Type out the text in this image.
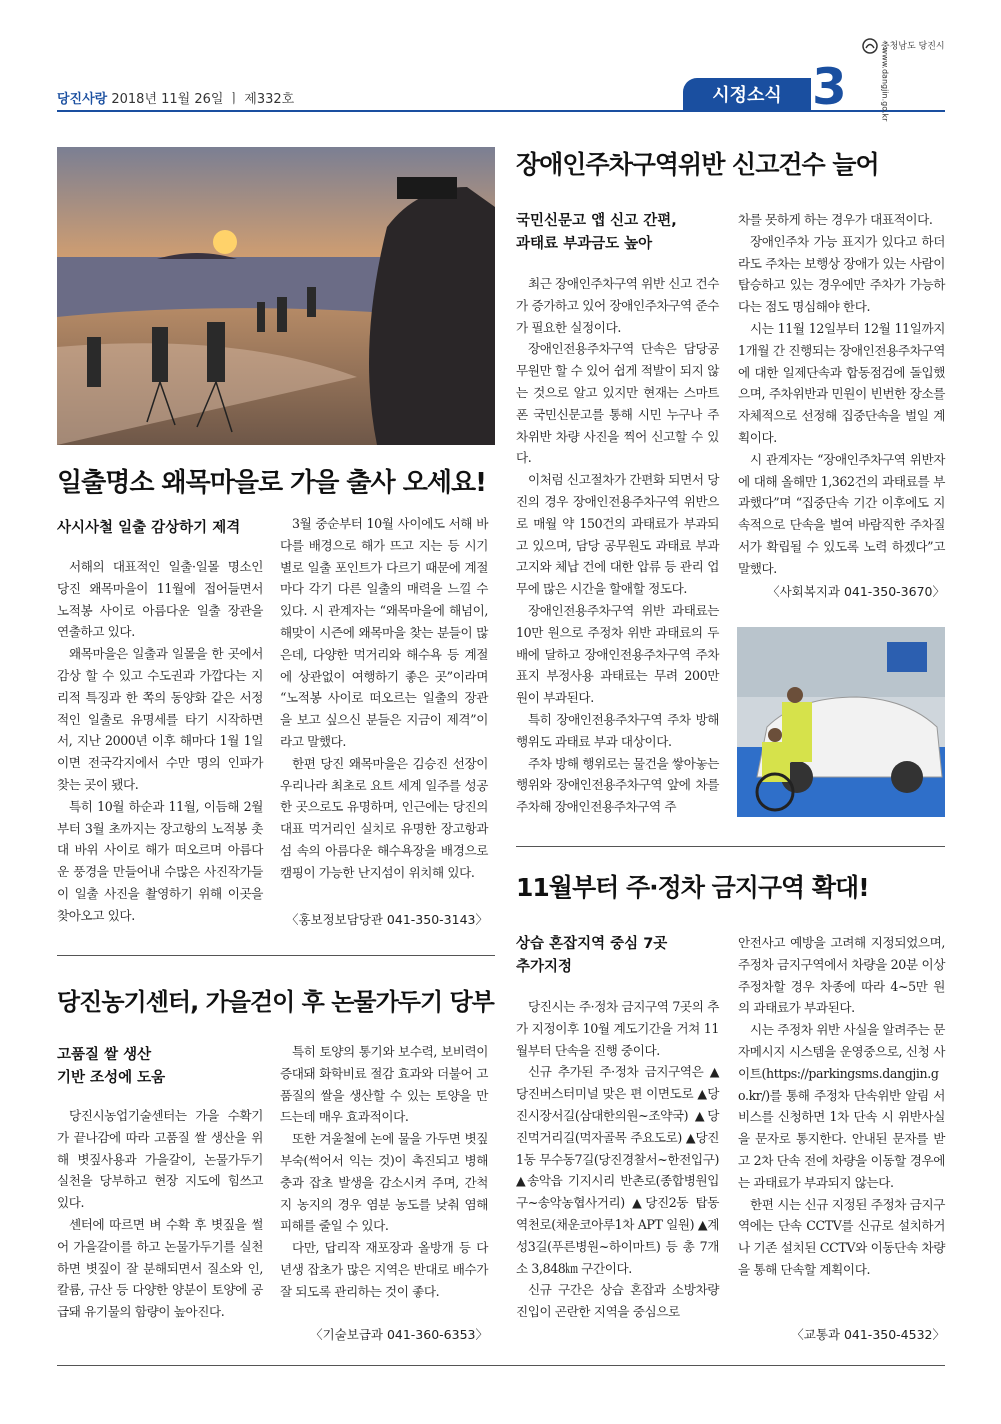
당진사랑 2018년 11월 26일 ㅣ 제332호	시정소식 3
충청남도 당진시
www.dangjin.go.kr
일출명소 왜목마을로 가을 출사 오세요!
사시사철 일출 감상하기 제격

서해의 대표적인 일출·일몰 명소인 당진 왜목마을이 11월에 접어들면서 노적봉 사이로 아름다운 일출 장관을 연출하고 있다.

왜목마을은 일출과 일몰을 한 곳에서 감상 할 수 있고 수도권과 가깝다는 지리적 특징과 한 쪽의 동양화 같은 서정적인 일출로 유명세를 타기 시작하면서, 지난 2000년 이후 해마다 1월 1일이면 전국각지에서 수만 명의 인파가 찾는 곳이 됐다.

특히 10월 하순과 11월, 이듬해 2월부터 3월 초까지는 장고항의 노적봉 촛대 바위 사이로 해가 떠오르며 아름다운 풍경을 만들어내 수많은 사진작가들이 일출 사진을 촬영하기 위해 이곳을 찾아오고 있다.

3월 중순부터 10월 사이에도 서해 바다를 배경으로 해가 뜨고 지는 등 시기별로 일출 포인트가 다르기 때문에 계절마다 각기 다른 일출의 매력을 느낄 수 있다. 시 관계자는 “왜목마을에 해넘이, 해맞이 시즌에 왜목마을 찾는 분들이 많은데, 다양한 먹거리와 해수욕 등 계절에 상관없이 여행하기 좋은 곳”이라며 “노적봉 사이로 떠오르는 일출의 장관을 보고 싶으신 분들은 지금이 제격”이라고 말했다.

한편 당진 왜목마을은 김승진 선장이 우리나라 최초로 요트 세계 일주를 성공한 곳으로도 유명하며, 인근에는 당진의 대표 먹거리인 실치로 유명한 장고항과 섬 속의 아름다운 해수욕장을 배경으로 캠핑이 가능한 난지섬이 위치해 있다.

〈홍보정보담당관 041-350-3143〉
당진농기센터, 가을걷이 후 논물가두기 당부
고품질 쌀 생산
기반 조성에 도움

당진시농업기술센터는 가을 수확기가 끝나감에 따라 고품질 쌀 생산을 위해 볏짚사용과 가을갈이, 논물가두기 실천을 당부하고 현장 지도에 힘쓰고 있다.

센터에 따르면 벼 수확 후 볏짚을 썰어 가을갈이를 하고 논물가두기를 실천하면 볏짚이 잘 분해되면서 질소와 인, 칼륨, 규산 등 다양한 양분이 토양에 공급돼 유기물의 함량이 높아진다.

특히 토양의 통기와 보수력, 보비력이 증대돼 화학비료 절감 효과와 더불어 고품질의 쌀을 생산할 수 있는 토양을 만드는데 매우 효과적이다.

또한 겨울철에 논에 물을 가두면 볏짚 부숙(썩어서 익는 것)이 촉진되고 병해충과 잡초 발생을 감소시켜 주며, 간척지 농지의 경우 염분 농도를 낮춰 염해 피해를 줄일 수 있다.

다만, 답리작 재포장과 올방개 등 다년생 잡초가 많은 지역은 반대로 배수가 잘 되도록 관리하는 것이 좋다.

〈기술보급과 041-360-6353〉
장애인주차구역위반 신고건수 늘어
국민신문고 앱 신고 간편,
과태료 부과금도 높아

최근 장애인주차구역 위반 신고 건수가 증가하고 있어 장애인주차구역 준수가 필요한 실정이다.

장애인전용주차구역 단속은 담당공무원만 할 수 있어 쉽게 적발이 되지 않는 것으로 알고 있지만 현재는 스마트폰 국민신문고를 통해 시민 누구나 주차위반 차량 사진을 찍어 신고할 수 있다.

이처럼 신고절차가 간편화 되면서 당진의 경우 장애인전용주차구역 위반으로 매월 약 150건의 과태료가 부과되고 있으며, 담당 공무원도 과태료 부과고지와 체납 건에 대한 압류 등 관리 업무에 많은 시간을 할애할 정도다.

장애인전용주차구역 위반 과태료는 10만 원으로 주정차 위반 과태료의 두 배에 달하고 장애인전용주차구역 주차표지 부정사용 과태료는 무려 200만 원이 부과된다.

특히 장애인전용주차구역 주차 방해 행위도 과태료 부과 대상이다.

주차 방해 행위로는 물건을 쌓아놓는 행위와 장애인전용주차구역 앞에 차를 주차해 장애인전용주차구역 주

차를 못하게 하는 경우가 대표적이다.

장애인주차 가능 표지가 있다고 하더라도 주차는 보행상 장애가 있는 사람이 탑승하고 있는 경우에만 주차가 가능하다는 점도 명심해야 한다.

시는 11월 12일부터 12월 11일까지 1개월 간 진행되는 장애인전용주차구역에 대한 일제단속과 합동점검에 돌입했으며, 주차위반과 민원이 빈번한 장소를 자체적으로 선정해 집중단속을 벌일 계획이다.

시 관계자는 “장애인주차구역 위반자에 대해 올해만 1,362건의 과태료를 부과했다”며 “집중단속 기간 이후에도 지속적으로 단속을 벌여 바람직한 주차질서가 확립될 수 있도록 노력 하겠다”고 말했다.

〈사회복지과 041-350-3670〉
11월부터 주·정차 금지구역 확대!
상습 혼잡지역 중심 7곳
추가지정

당진시는 주·정차 금지구역 7곳의 추가 지정이후 10월 계도기간을 거쳐 11월부터 단속을 진행 중이다.

신규 추가된 주·정차 금지구역은 ▲당진버스터미널 맞은 편 이면도로 ▲당진시장서길(삼대한의원~조약국) ▲당진먹거리길(먹자골목 주요도로) ▲당진1동 무수동7길(당진경찰서~한전입구) ▲송악읍 기지시리 반촌로(종합병원입구~송악농협사거리) ▲당진2동 탑동 역천로(채운코아루1차 APT 일원) ▲계성3길(푸른병원~하이마트) 등 총 7개소 3,848㎞ 구간이다.

신규 구간은 상습 혼잡과 소방차량 진입이 곤란한 지역을 중심으로

안전사고 예방을 고려해 지정되었으며, 주정차 금지구역에서 차량을 20분 이상 주정차할 경우 차종에 따라 4~5만 원의 과태료가 부과된다.

시는 주정차 위반 사실을 알려주는 문자메시지 시스템을 운영중으로, 신청 사이트(https://parkingsms.dangjin.go.kr/)를 통해 주정차 단속위반 알림 서비스를 신청하면 1차 단속 시 위반사실을 문자로 통지한다. 안내된 문자를 받고 2차 단속 전에 차량을 이동할 경우에는 과태료가 부과되지 않는다.

한편 시는 신규 지정된 주정차 금지구역에는 단속 CCTV를 신규로 설치하거나 기존 설치된 CCTV와 이동단속 차량을 통해 단속할 계획이다.

〈교통과 041-350-4532〉
